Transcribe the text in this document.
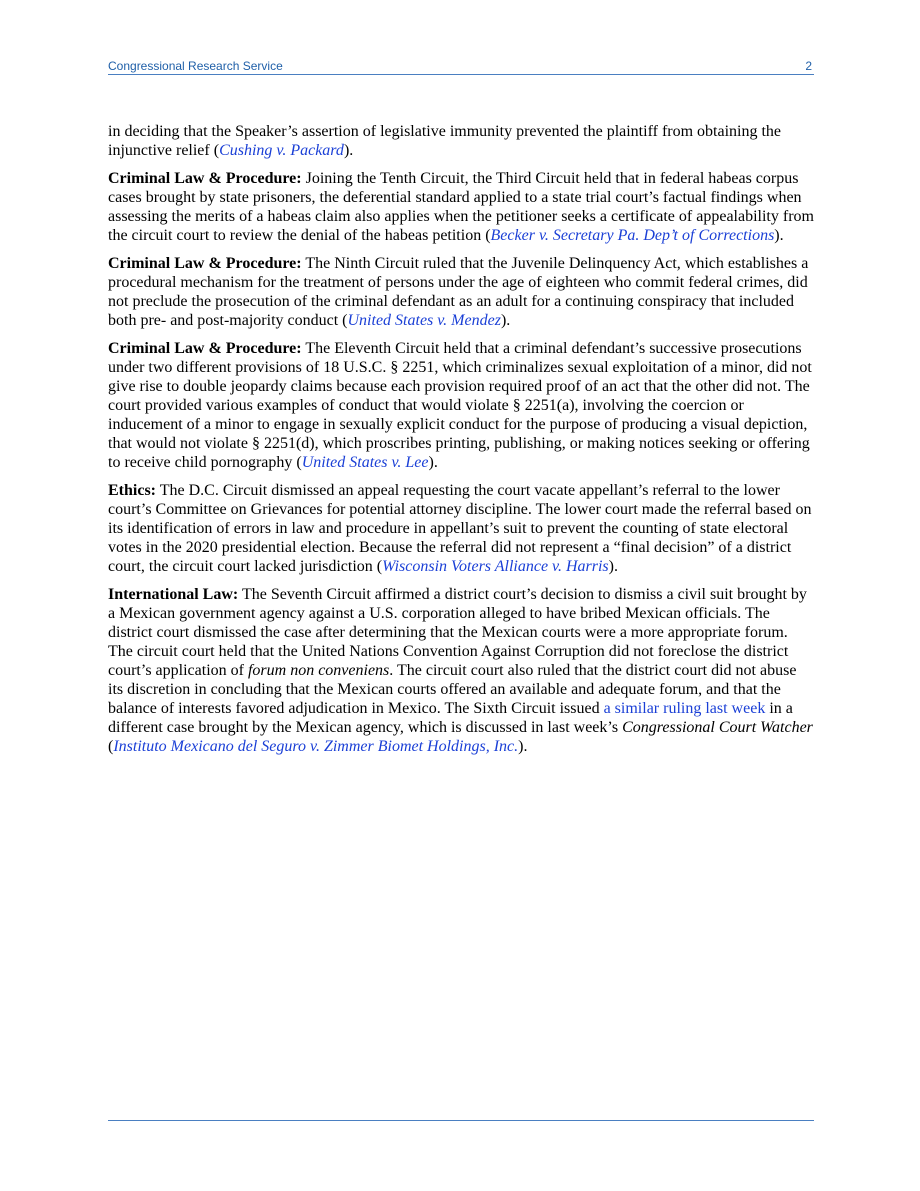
Congressional Research Service	2

in deciding that the Speaker’s assertion of legislative immunity prevented the plaintiff from obtaining the injunctive relief (Cushing v. Packard).

Criminal Law & Procedure: Joining the Tenth Circuit, the Third Circuit held that in federal habeas corpus cases brought by state prisoners, the deferential standard applied to a state trial court’s factual findings when assessing the merits of a habeas claim also applies when the petitioner seeks a certificate of appealability from the circuit court to review the denial of the habeas petition (Becker v. Secretary Pa. Dep’t of Corrections).

Criminal Law & Procedure: The Ninth Circuit ruled that the Juvenile Delinquency Act, which establishes a procedural mechanism for the treatment of persons under the age of eighteen who commit federal crimes, did not preclude the prosecution of the criminal defendant as an adult for a continuing conspiracy that included both pre- and post-majority conduct (United States v. Mendez).

Criminal Law & Procedure: The Eleventh Circuit held that a criminal defendant’s successive prosecutions under two different provisions of 18 U.S.C. § 2251, which criminalizes sexual exploitation of a minor, did not give rise to double jeopardy claims because each provision required proof of an act that the other did not. The court provided various examples of conduct that would violate § 2251(a), involving the coercion or inducement of a minor to engage in sexually explicit conduct for the purpose of producing a visual depiction, that would not violate § 2251(d), which proscribes printing, publishing, or making notices seeking or offering to receive child pornography (United States v. Lee).

Ethics: The D.C. Circuit dismissed an appeal requesting the court vacate appellant’s referral to the lower court’s Committee on Grievances for potential attorney discipline. The lower court made the referral based on its identification of errors in law and procedure in appellant’s suit to prevent the counting of state electoral votes in the 2020 presidential election. Because the referral did not represent a “final decision” of a district court, the circuit court lacked jurisdiction (Wisconsin Voters Alliance v. Harris).

International Law: The Seventh Circuit affirmed a district court’s decision to dismiss a civil suit brought by a Mexican government agency against a U.S. corporation alleged to have bribed Mexican officials. The district court dismissed the case after determining that the Mexican courts were a more appropriate forum. The circuit court held that the United Nations Convention Against Corruption did not foreclose the district court’s application of forum non conveniens. The circuit court also ruled that the district court did not abuse its discretion in concluding that the Mexican courts offered an available and adequate forum, and that the balance of interests favored adjudication in Mexico. The Sixth Circuit issued a similar ruling last week in a different case brought by the Mexican agency, which is discussed in last week’s Congressional Court Watcher (Instituto Mexicano del Seguro v. Zimmer Biomet Holdings, Inc.).
